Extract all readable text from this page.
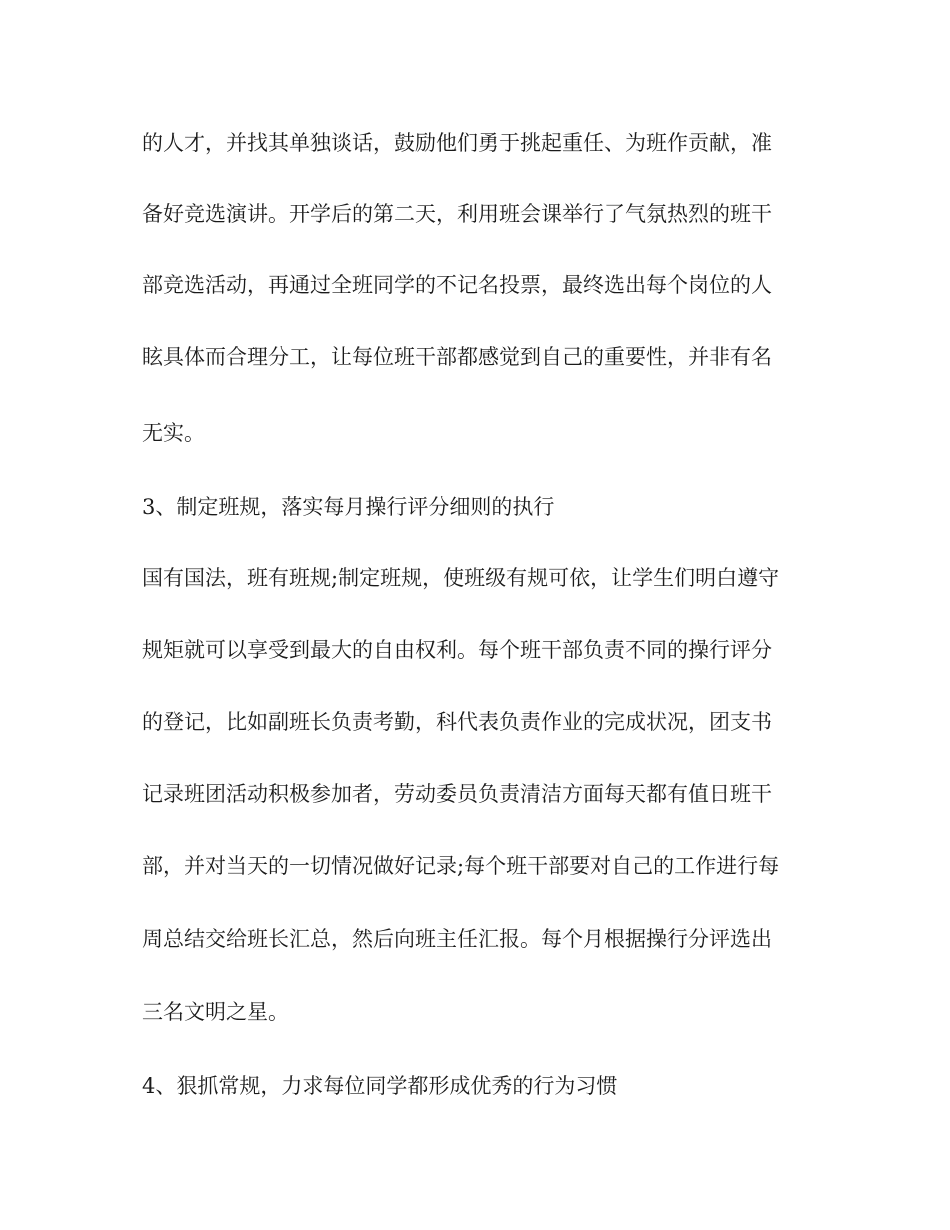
的人才，并找其单独谈话，鼓励他们勇于挑起重任、为班作贡献，准

备好竞选演讲。开学后的第二天，利用班会课举行了气氛热烈的班干

部竞选活动，再通过全班同学的不记名投票，最终选出每个岗位的人

眩具体而合理分工，让每位班干部都感觉到自己的重要性，并非有名

无实。

3、制定班规，落实每月操行评分细则的执行

国有国法，班有班规;制定班规，使班级有规可依，让学生们明白遵守

规矩就可以享受到最大的自由权利。每个班干部负责不同的操行评分

的登记，比如副班长负责考勤，科代表负责作业的完成状况，团支书

记录班团活动积极参加者，劳动委员负责清洁方面每天都有值日班干

部，并对当天的一切情况做好记录;每个班干部要对自己的工作进行每

周总结交给班长汇总，然后向班主任汇报。每个月根据操行分评选出

三名文明之星。

4、狠抓常规，力求每位同学都形成优秀的行为习惯
